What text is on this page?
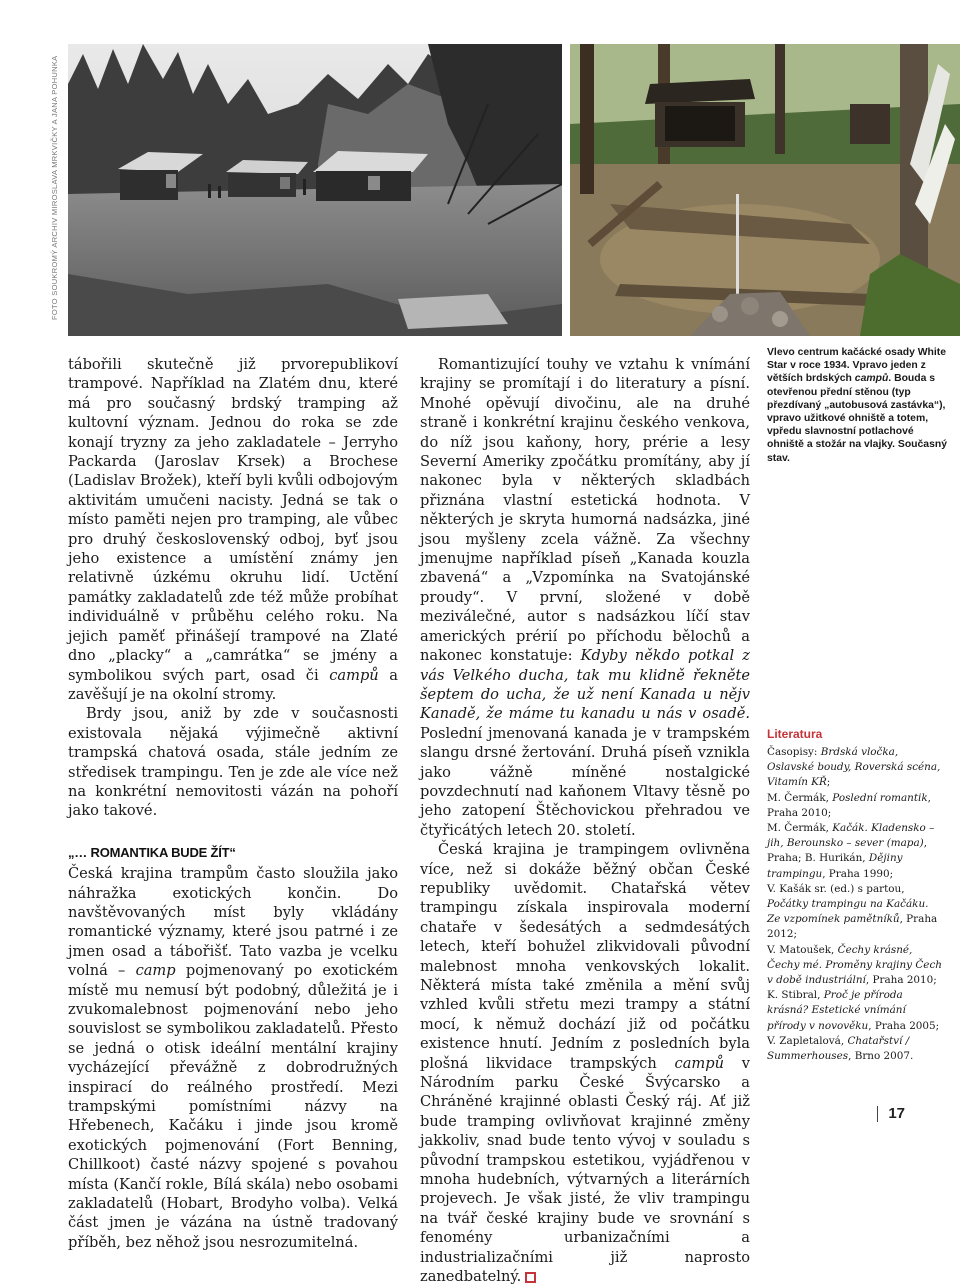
FOTO SOUKROMÝ ARCHIV MIROSLAVA MRKVIČKY A JANA POHUNKA

tábořili skutečně již prvorepublikoví trampové. Například na Zlatém dnu, které má pro současný brdský tramping až kultovní význam. Jednou do roka se zde konají tryzny za jeho zakladatele – Jerryho Packarda (Jaroslav Krsek) a Brochese (Ladislav Brožek), kteří byli kvůli odbojovým aktivitám umučeni nacisty. Jedná se tak o místo paměti nejen pro tramping, ale vůbec pro druhý československý odboj, byť jsou jeho existence a umístění známy jen relativně úzkému okruhu lidí. Uctění památky zakladatelů zde též může probíhat individuálně v průběhu celého roku. Na jejich paměť přinášejí trampové na Zlaté dno „placky“ a „camrátka“ se jmény a symbolikou svých part, osad či campů a zavěšují je na okolní stromy.

Brdy jsou, aniž by zde v současnosti existovala nějaká výjimečně aktivní trampská chatová osada, stále jedním ze středisek trampingu. Ten je zde ale více než na konkrétní nemovitosti vázán na pohoří jako takové.

„… ROMANTIKA BUDE ŽÍT“

Česká krajina trampům často sloužila jako náhražka exotických končin. Do navštěvovaných míst byly vkládány romantické významy, které jsou patrné i ze jmen osad a tábořišť. Tato vazba je vcelku volná – camp pojmenovaný po exotickém místě mu nemusí být podobný, důležitá je i zvukomalebnost pojmenování nebo jeho souvislost se symbolikou zakladatelů. Přesto se jedná o otisk ideální mentální krajiny vycházející převážně z dobrodružných inspirací do reálného prostředí. Mezi trampskými pomístními názvy na Hřebenech, Kačáku i jinde jsou kromě exotických pojmenování (Fort Benning, Chillkoot) časté názvy spojené s povahou místa (Kančí rokle, Bílá skála) nebo osobami zakladatelů (Hobart, Brodyho volba). Velká část jmen je vázána na ústně tradovaný příběh, bez něhož jsou nesrozumitelná.

Romantizující touhy ve vztahu k vnímání krajiny se promítají i do literatury a písní. Mnohé opěvují divočinu, ale na druhé straně i konkrétní krajinu českého venkova, do níž jsou kaňony, hory, prérie a lesy Severní Ameriky zpočátku promítány, aby jí nakonec byla v některých skladbách přiznána vlastní estetická hodnota. V některých je skryta humorná nadsázka, jiné jsou myšleny zcela vážně. Za všechny jmenujme například píseň „Kanada kouzla zbavená“ a „Vzpomínka na Svatojánské proudy“. V první, složené v době meziválečné, autor s nadsázkou líčí stav amerických prérií po příchodu bělochů a nakonec konstatuje: Kdyby někdo potkal z vás Velkého ducha, tak mu klidně řekněte šeptem do ucha, že už není Kanada u nějv Kanadě, že máme tu kanadu u nás v osadě. Poslední jmenovaná kanada je v trampském slangu drsné žertování. Druhá píseň vznikla jako vážně míněné nostalgické povzdechnutí nad kaňonem Vltavy těsně po jeho zatopení Štěchovickou přehradou ve čtyřicátých letech 20. století.

Česká krajina je trampingem ovlivněna více, než si dokáže běžný občan České republiky uvědomit. Chatařská větev trampingu získala inspirovala moderní chataře v šedesátých a sedmdesátých letech, kteří bohužel zlikvidovali původní malebnost mnoha venkovských lokalit. Některá místa také změnila a mění svůj vzhled kvůli střetu mezi trampy a státní mocí, k němuž dochází již od počátku existence hnutí. Jedním z posledních byla plošná likvidace trampských campů v Národním parku České Švýcarsko a Chráněné krajinné oblasti Český ráj. Ať již bude tramping ovlivňovat krajinné změny jakkoliv, snad bude tento vývoj v souladu s původní trampskou estetikou, vyjádřenou v mnoha hudebních, výtvarných a literárních projevech. Je však jisté, že vliv trampingu na tvář české krajiny bude ve srovnání s fenomény urbanizačními a industrializačními již naprosto zanedbatelný.

Vlevo centrum kačácké osady White Star v roce 1934. Vpravo jeden z větších brdských campů. Bouda s otevřenou přední stěnou (typ přezdívaný „autobusová zastávka“), vpravo užitkové ohniště a totem, vpředu slavnostní potlachové ohniště a stožár na vlajky. Současný stav.
Literatura
Časopisy: Brdská vločka, Oslavské boudy, Roverská scéna, Vitamín KŘ;
M. Čermák, Poslední romantik, Praha 2010;
M. Čermák, Kačák. Kladensko – jih, Berounsko – sever (mapa), Praha; B. Hurikán, Dějiny trampingu, Praha 1990;
V. Kašák sr. (ed.) s partou, Počátky trampingu na Kačáku. Ze vzpomínek pamětníků, Praha 2012;
V. Matoušek, Čechy krásné, Čechy mé. Proměny krajiny Čech v době industriální, Praha 2010; K. Stibral, Proč je příroda krásná? Estetické vnímání přírody v novověku, Praha 2005;
V. Zapletalová, Chatařství / Summerhouses, Brno 2007.
17
